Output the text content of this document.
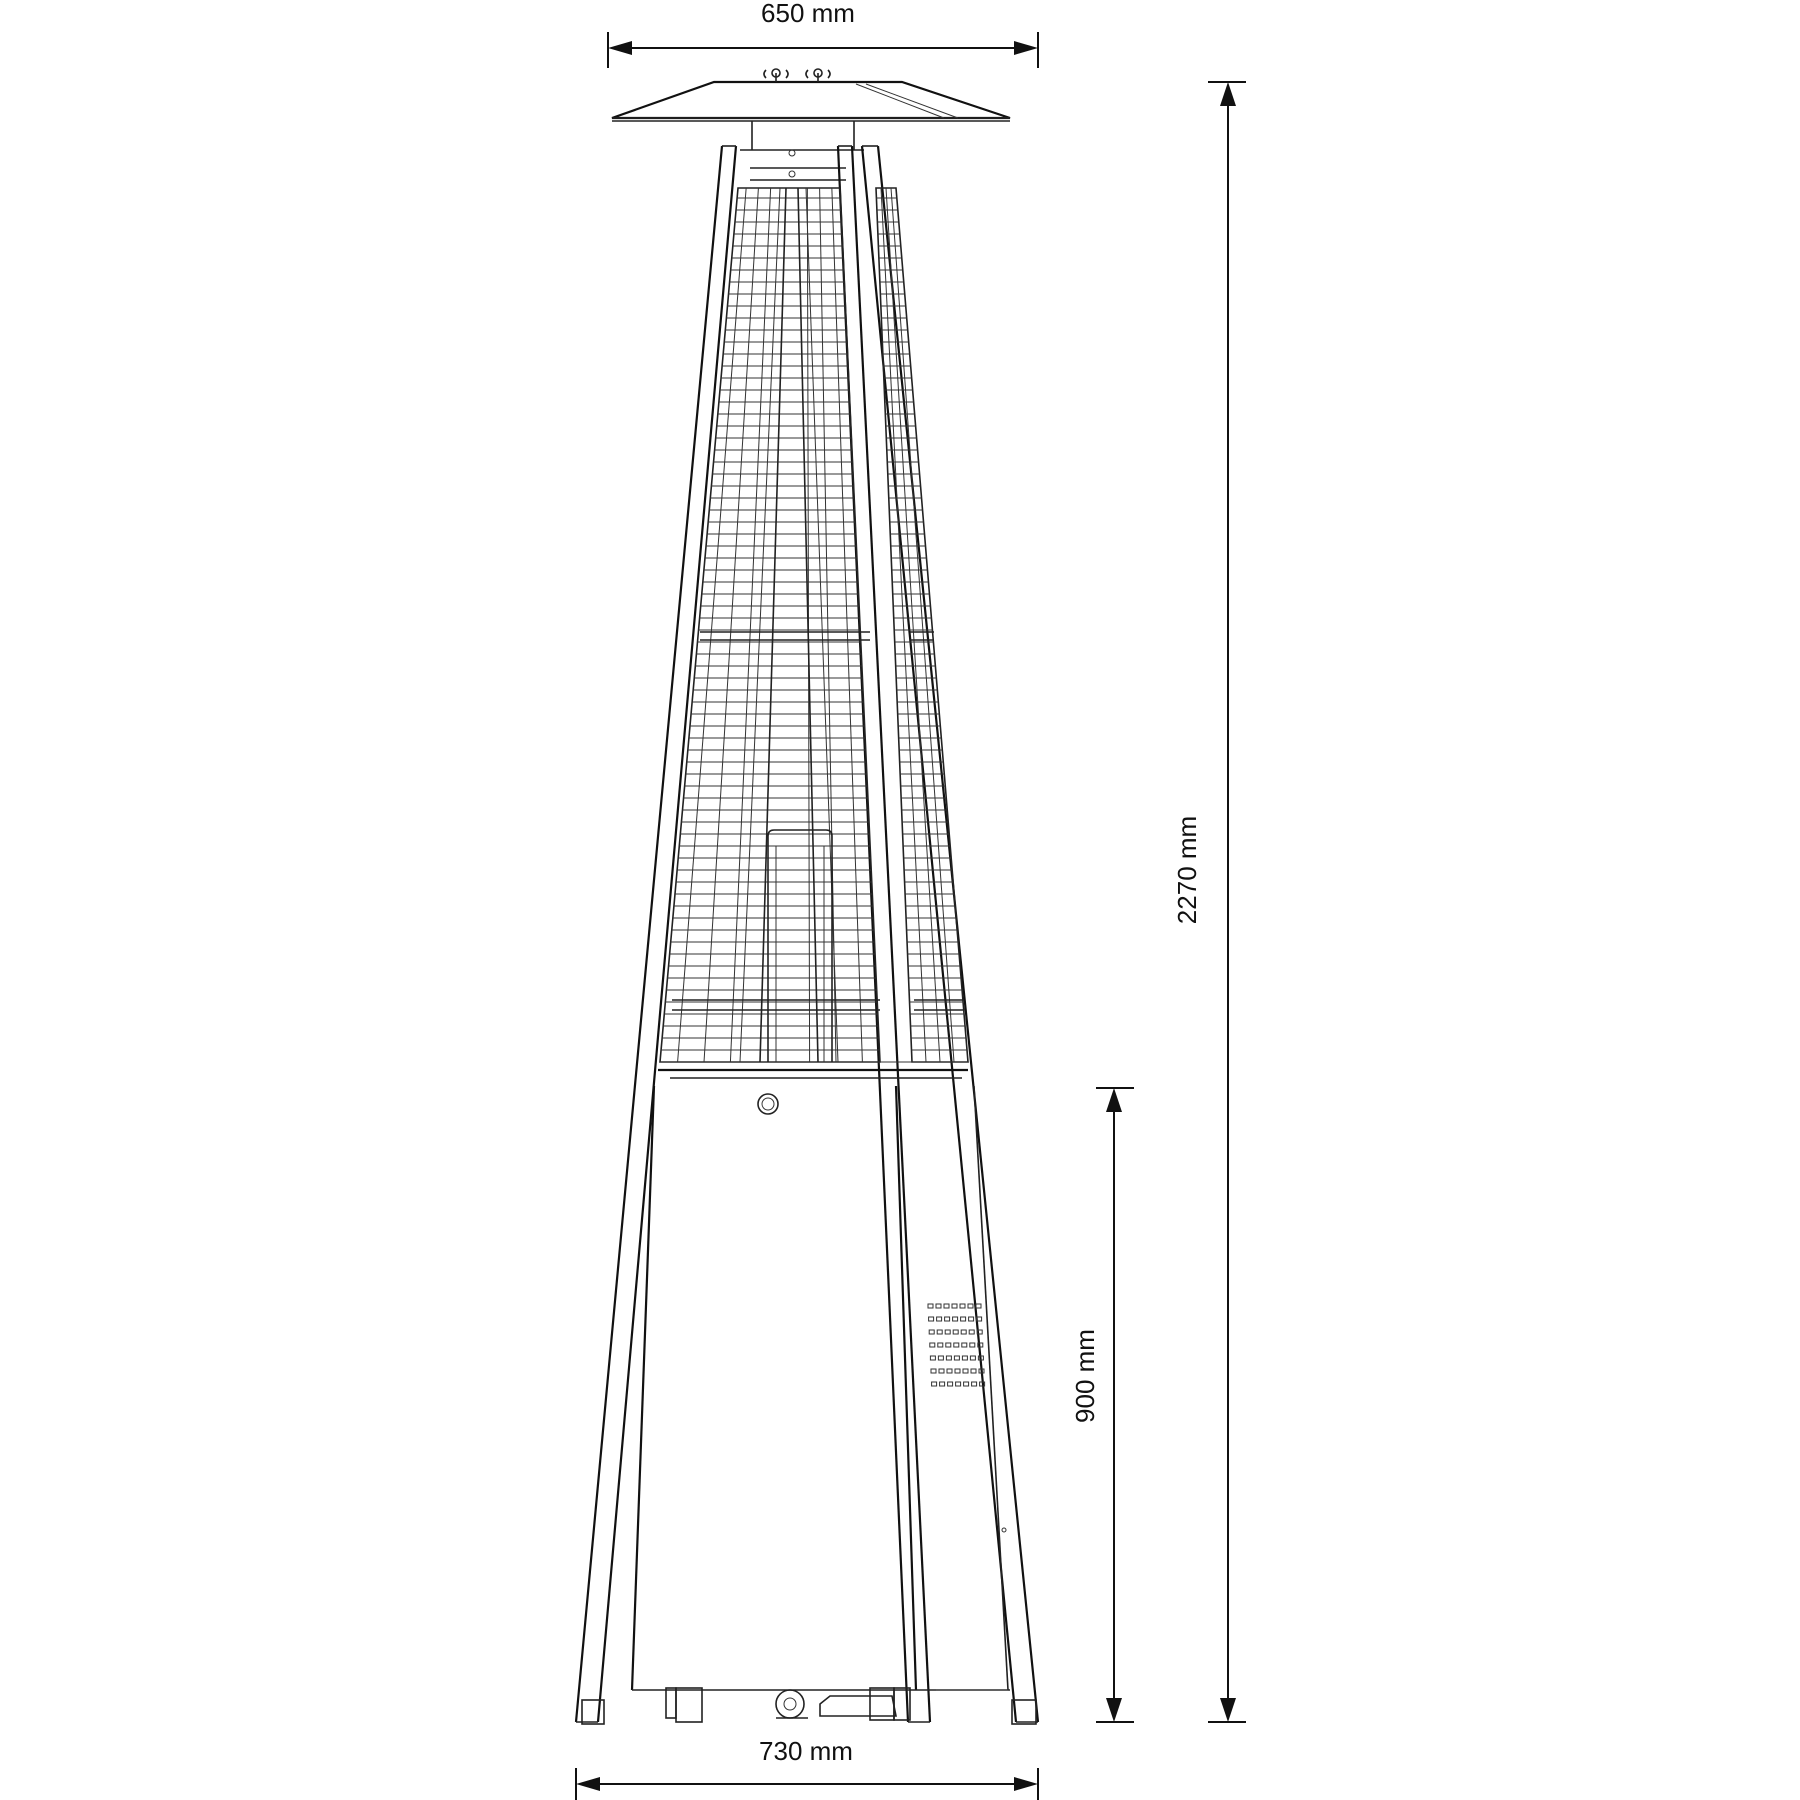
650 mm
2270 mm
900 mm
730 mm
